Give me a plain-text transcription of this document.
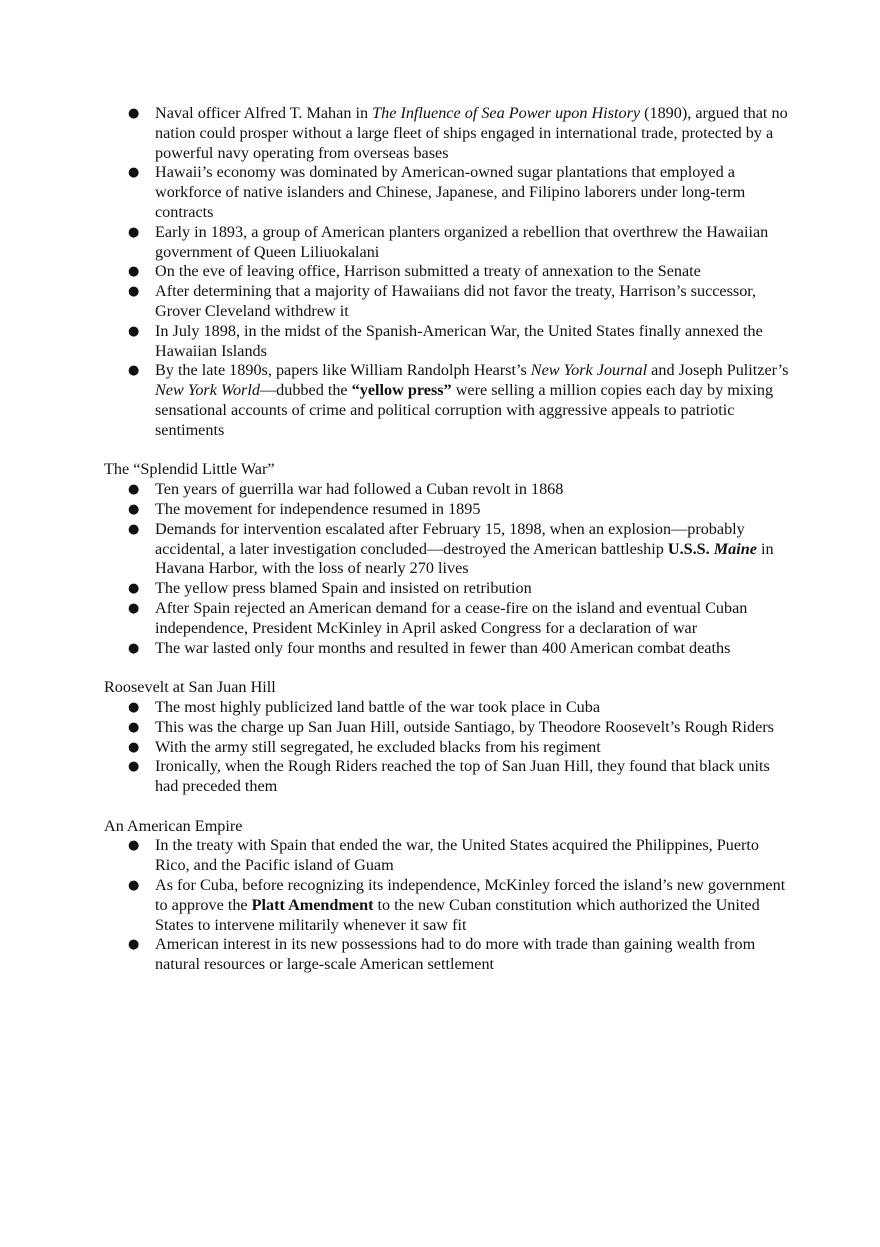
● Naval officer Alfred T. Mahan in The Influence of Sea Power upon History (1890), argued that no nation could prosper without a large fleet of ships engaged in international trade, protected by a powerful navy operating from overseas bases
● Hawaii’s economy was dominated by American-owned sugar plantations that employed a workforce of native islanders and Chinese, Japanese, and Filipino laborers under long-term contracts
● Early in 1893, a group of American planters organized a rebellion that overthrew the Hawaiian government of Queen Liliuokalani
● On the eve of leaving office, Harrison submitted a treaty of annexation to the Senate
● After determining that a majority of Hawaiians did not favor the treaty, Harrison’s successor, Grover Cleveland withdrew it
● In July 1898, in the midst of the Spanish-American War, the United States finally annexed the Hawaiian Islands
● By the late 1890s, papers like William Randolph Hearst’s New York Journal and Joseph Pulitzer’s New York World—dubbed the “yellow press” were selling a million copies each day by mixing sensational accounts of crime and political corruption with aggressive appeals to patriotic sentiments

The “Splendid Little War”

● Ten years of guerrilla war had followed a Cuban revolt in 1868
● The movement for independence resumed in 1895
● Demands for intervention escalated after February 15, 1898, when an explosion—probably accidental, a later investigation concluded—destroyed the American battleship U.S.S. Maine in Havana Harbor, with the loss of nearly 270 lives
● The yellow press blamed Spain and insisted on retribution
● After Spain rejected an American demand for a cease-fire on the island and eventual Cuban independence, President McKinley in April asked Congress for a declaration of war
● The war lasted only four months and resulted in fewer than 400 American combat deaths

Roosevelt at San Juan Hill

● The most highly publicized land battle of the war took place in Cuba
● This was the charge up San Juan Hill, outside Santiago, by Theodore Roosevelt’s Rough Riders
● With the army still segregated, he excluded blacks from his regiment
● Ironically, when the Rough Riders reached the top of San Juan Hill, they found that black units had preceded them

An American Empire

● In the treaty with Spain that ended the war, the United States acquired the Philippines, Puerto Rico, and the Pacific island of Guam
● As for Cuba, before recognizing its independence, McKinley forced the island’s new government to approve the Platt Amendment to the new Cuban constitution which authorized the United States to intervene militarily whenever it saw fit
● American interest in its new possessions had to do more with trade than gaining wealth from natural resources or large-scale American settlement
